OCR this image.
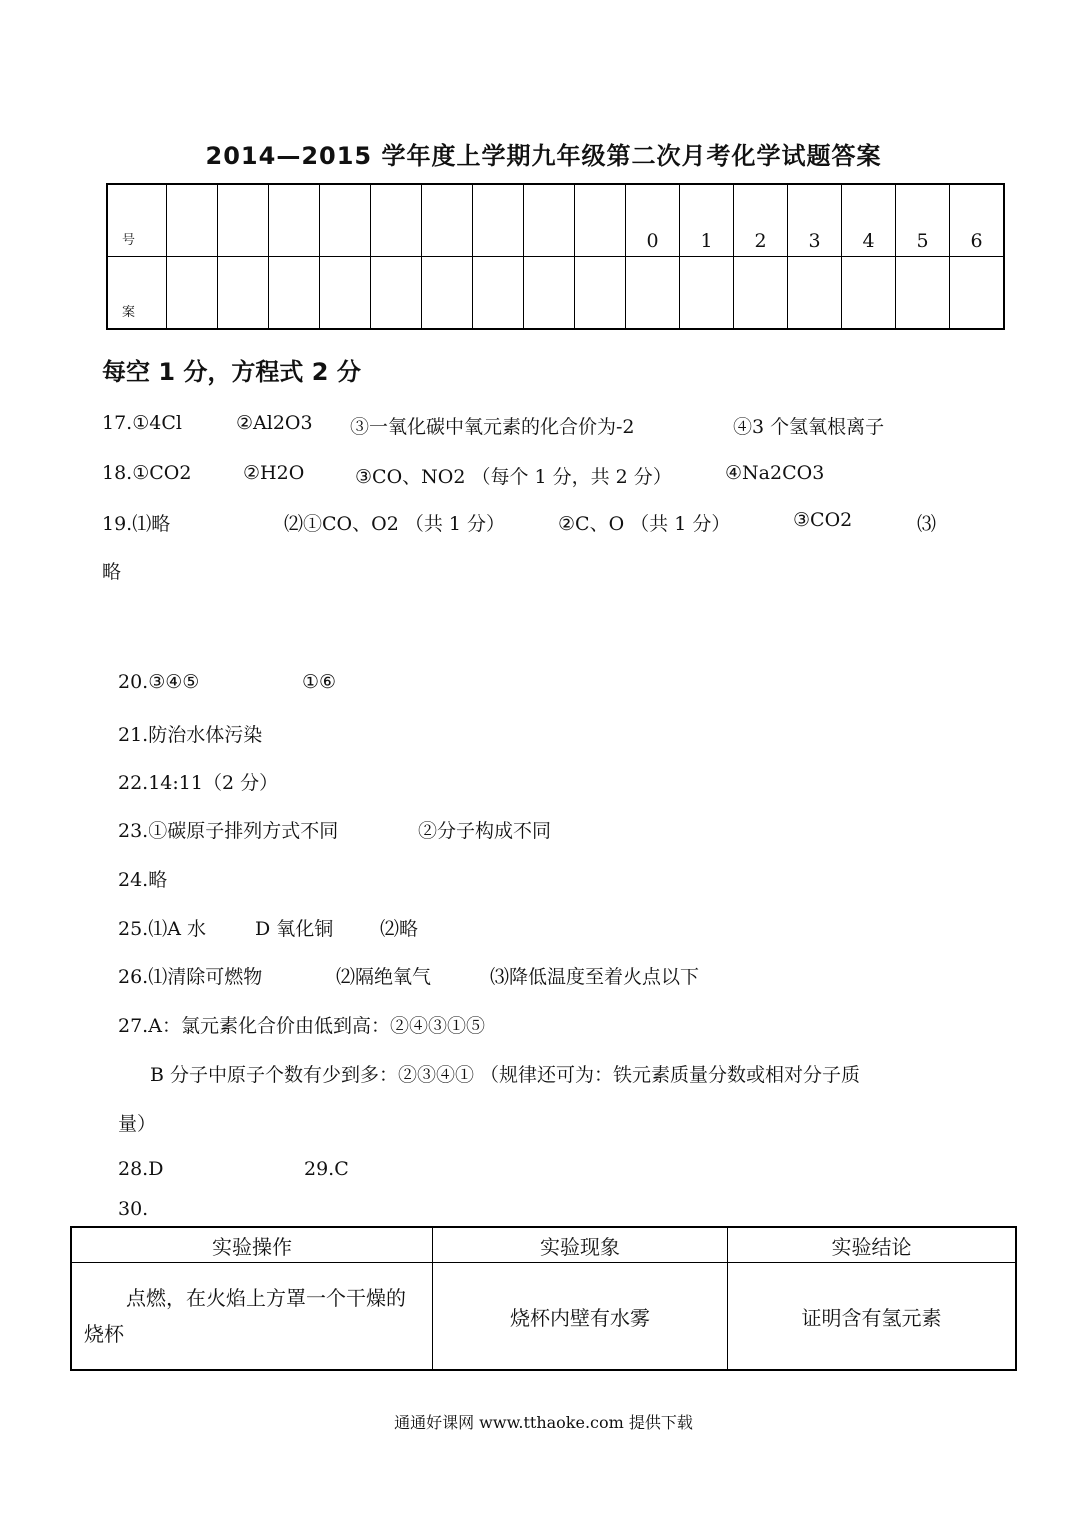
2014—2015 学年度上学期九年级第二次月考化学试题答案
号										0	1	2	3	4	5	6
案																
每空 1 分，方程式 2 分
17.①4Cl	②Al2O3 ③一氧化碳中氧元素的化合价为-2	④3 个氢氧根离子
18.①CO2	②H2O	③CO、NO2 （每个 1 分，共 2 分）	④Na2CO3
19.⑴略	⑵①CO、O2 （共 1 分）	②C、O （共 1 分）	③CO2	⑶
略
20.③④⑤	①⑥
21.防治水体污染
22.14:11（2 分）
23.①碳原子排列方式不同	②分子构成不同
24.略
25.⑴A 水	D 氧化铜 ⑵略
26.⑴清除可燃物	⑵隔绝氧气	⑶降低温度至着火点以下
27.A：氯元素化合价由低到高：②④③①⑤
B 分子中原子个数有少到多：②③④① （规律还可为：铁元素质量分数或相对分子质
量）
28.D	29.C
30.
实验操作	实验现象	实验结论
点燃，在火焰上方罩一个干燥的烧杯	烧杯内壁有水雾	证明含有氢元素
通通好课网 www.tthaoke.com 提供下载
